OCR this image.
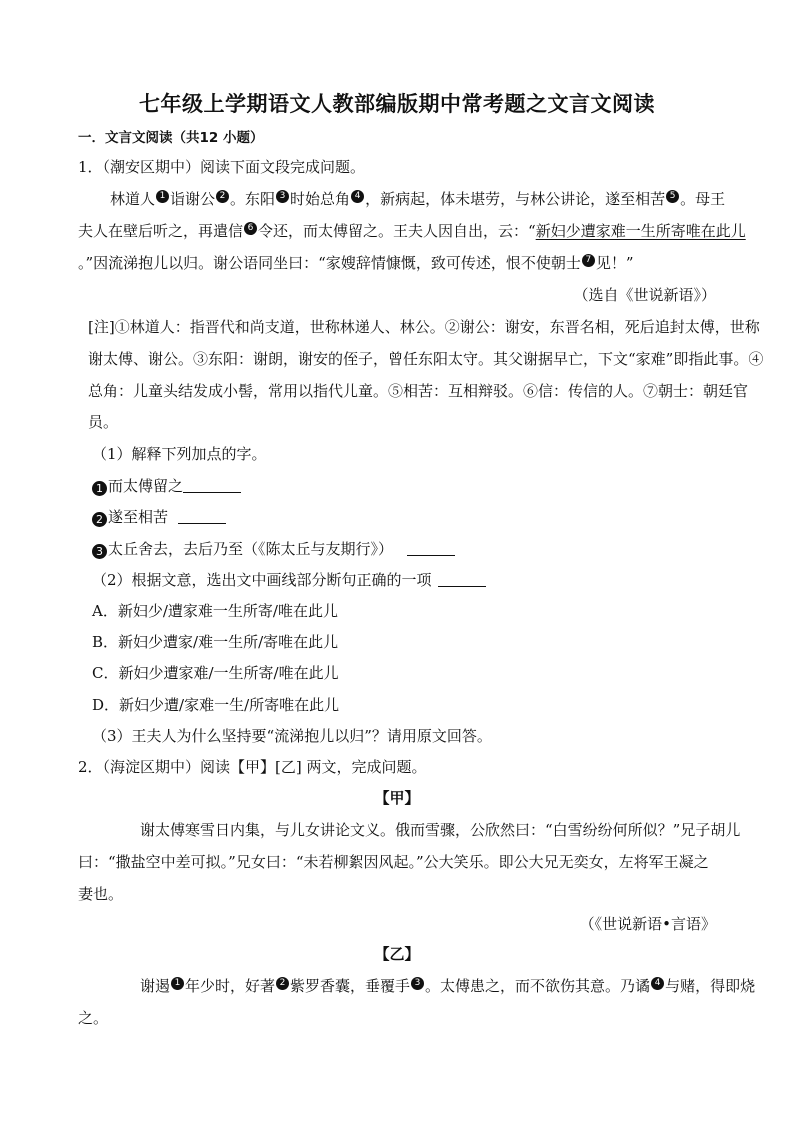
七年级上学期语文人教部编版期中常考题之文言文阅读
一．文言文阅读（共12 小题）
1．（潮安区期中）阅读下面文段完成问题。
林道人 1 诣谢公 2 。东阳 3 时始总角 4 ，新病起，体未堪劳，与林公讲论，遂至相苦 5 。母王
夫人在壁后听之，再遣信 6 令还，而太傅留之。王夫人因自出，云：“新妇少遭家难一生所寄唯在此儿
。”因流涕抱儿以归。谢公语同坐曰：“家嫂辞情慷慨，致可传述，恨不使朝士 7 见！”
（选自《世说新语》）
[注]①林道人：指晋代和尚支道，世称林递人、林公。②谢公：谢安，东晋名相，死后追封太傅，世称
谢太傅、谢公。③东阳：谢朗，谢安的侄子，曾任东阳太守。其父谢据早亡，下文“家难”即指此事。④
总角：儿童头结发成小髻，常用以指代儿童。⑤相苦：互相辩驳。⑥信：传信的人。⑦朝士：朝廷官
员。
（1）解释下列加点的字。
1 而太傅留之
2 遂至相苦
3 太丘舍去，去后乃至（《陈太丘与友期行》）
（2）根据文意，选出文中画线部分断句正确的一项
A．新妇少/遭家难一生所寄/唯在此儿
B．新妇少遭家/难一生所/寄唯在此儿
C．新妇少遭家难/一生所寄/唯在此儿
D．新妇少遭/家难一生/所寄唯在此儿
（3）王夫人为什么坚持要“流涕抱儿以归”？请用原文回答。
2．（海淀区期中）阅读【甲】[乙] 两文，完成问题。
【甲】
谢太傅寒雪日内集，与儿女讲论文义。俄而雪骤，公欣然曰：“白雪纷纷何所似？”兄子胡儿
曰：“撒盐空中差可拟。”兄女曰：“未若柳絮因风起。”公大笑乐。即公大兄无奕女，左将军王凝之
妻也。
（《世说新语•言语》
【乙】
谢遏 1 年少时，好著 2 紫罗香囊，垂覆手 3 。太傅患之，而不欲伤其意。乃谲 4 与赌，得即烧
之。
